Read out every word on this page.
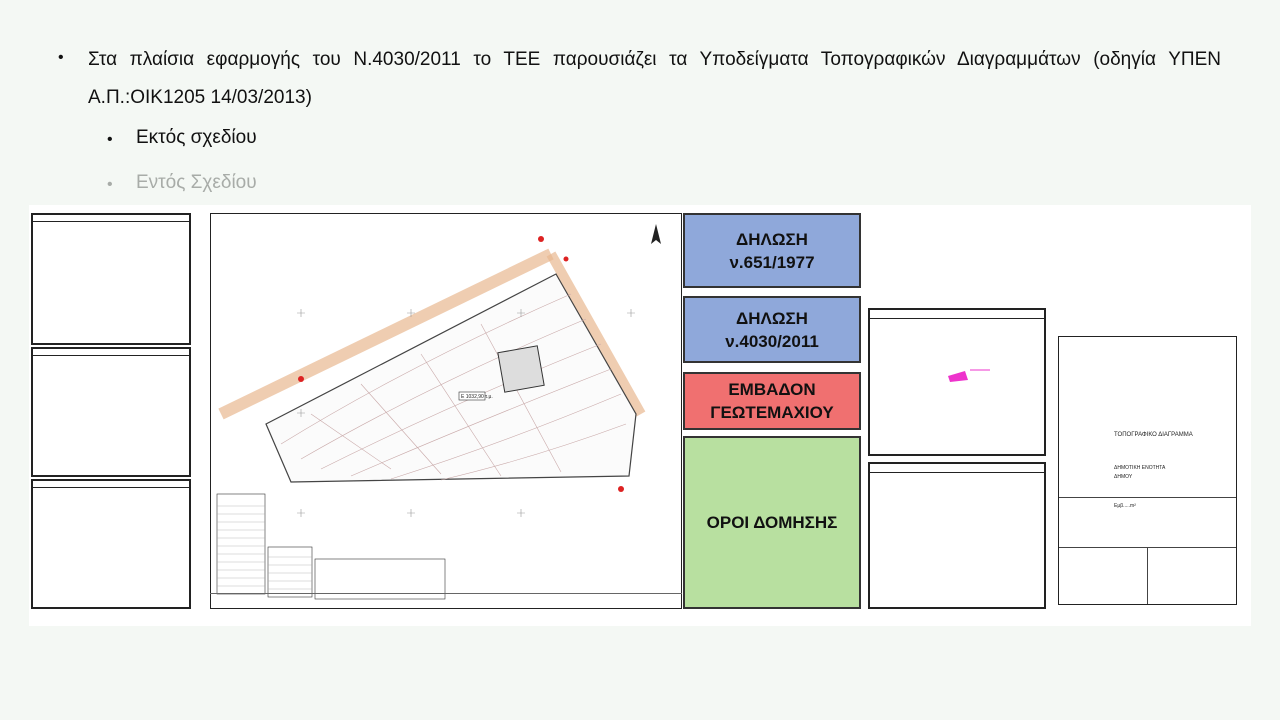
• Στα πλαίσια εφαρμογής του Ν.4030/2011 το ΤΕΕ παρουσιάζει τα Υποδείγματα Τοπογραφικών Διαγραμμάτων (οδηγία ΥΠΕΝ Α.Π.:ΟΙΚ1205 14/03/2013)
• Εκτός σχεδίου
• Εντός Σχεδίου
Ε 1032,90 τ.μ.
ΔΗΛΩΣΗ
ν.651/1977
ΔΗΛΩΣΗ
ν.4030/2011
ΕΜΒΑΔΟΝ
ΓΕΩΤΕΜΑΧΙΟΥ
ΟΡΟΙ ΔΟΜΗΣΗΣ
ΤΟΠΟΓΡΑΦΙΚΟ ΔΙΑΓΡΑΜΜΑ
ΔΗΜΟΤΙΚΗ ΕΝΟΤΗΤΑ
ΔΗΜΟΥ
Εμβ.....m²
